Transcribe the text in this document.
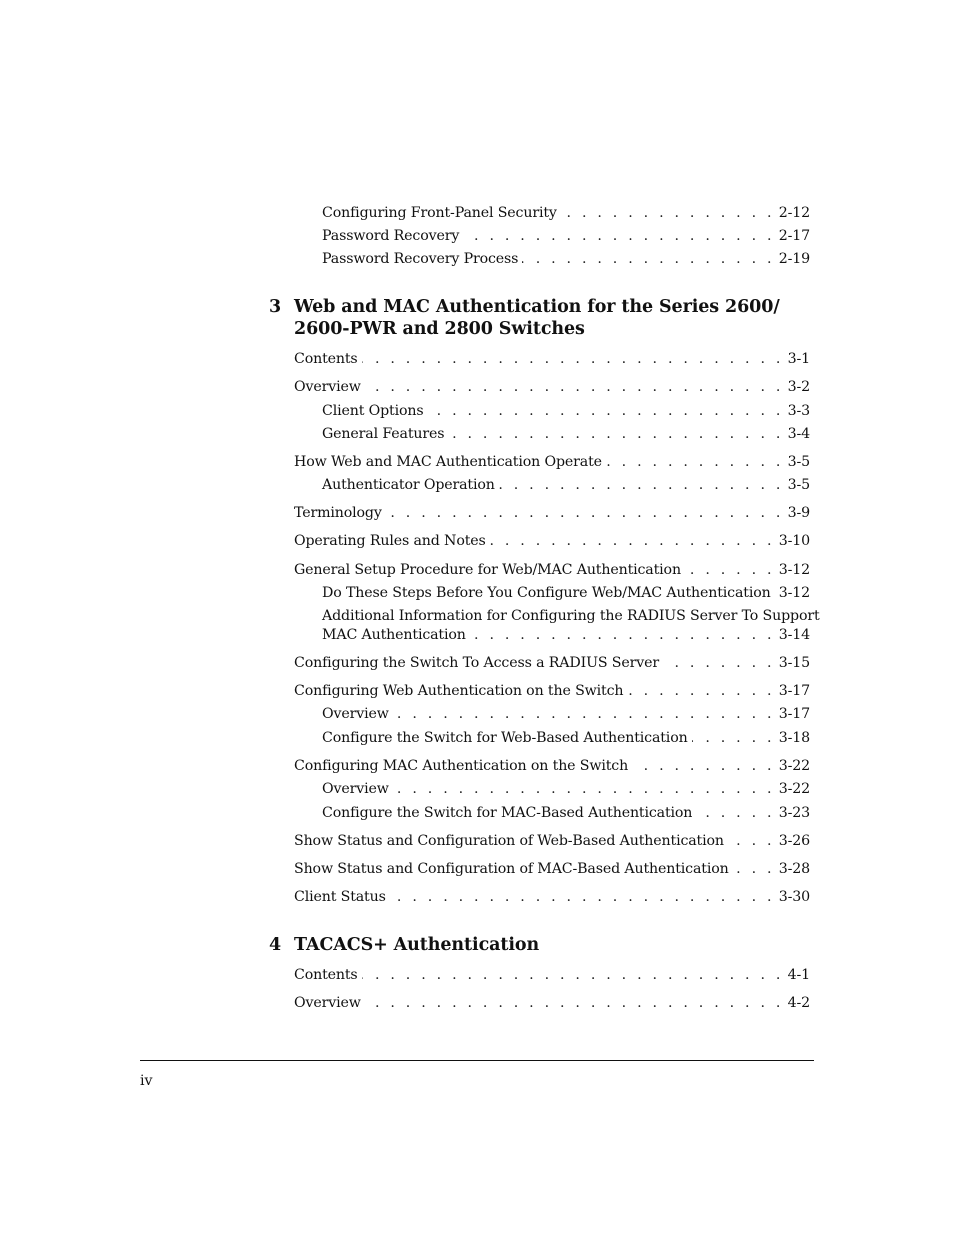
Configuring Front-Panel Security . . .	2-12
Password Recovery . . .	2-17
Password Recovery Process . . .	2-19
3 Web and MAC Authentication for the Series 2600/
2600-PWR and 2800 Switches
Contents . . .	3-1
Overview . . .	3-2
Client Options . . .	3-3
General Features . . .	3-4
How Web and MAC Authentication Operate . . .	3-5
Authenticator Operation . . .	3-5
Terminology . . .	3-9
Operating Rules and Notes . . .	3-10
General Setup Procedure for Web/MAC Authentication . . .	3-12
Do These Steps Before You Configure Web/MAC Authentication . . . 3-12
Additional Information for Configuring the RADIUS Server To Support
MAC Authentication . . .	3-14
Configuring the Switch To Access a RADIUS Server . . .	3-15
Configuring Web Authentication on the Switch . . .	3-17
Overview . . .	3-17
Configure the Switch for Web-Based Authentication . . .	3-18
Configuring MAC Authentication on the Switch . . .	3-22
Overview . . .	3-22
Configure the Switch for MAC-Based Authentication . . .	3-23
Show Status and Configuration of Web-Based Authentication . . .	3-26
Show Status and Configuration of MAC-Based Authentication . . .	3-28
Client Status . . .	3-30
4 TACACS+ Authentication
Contents . . .	4-1
Overview . . .	4-2
iv
